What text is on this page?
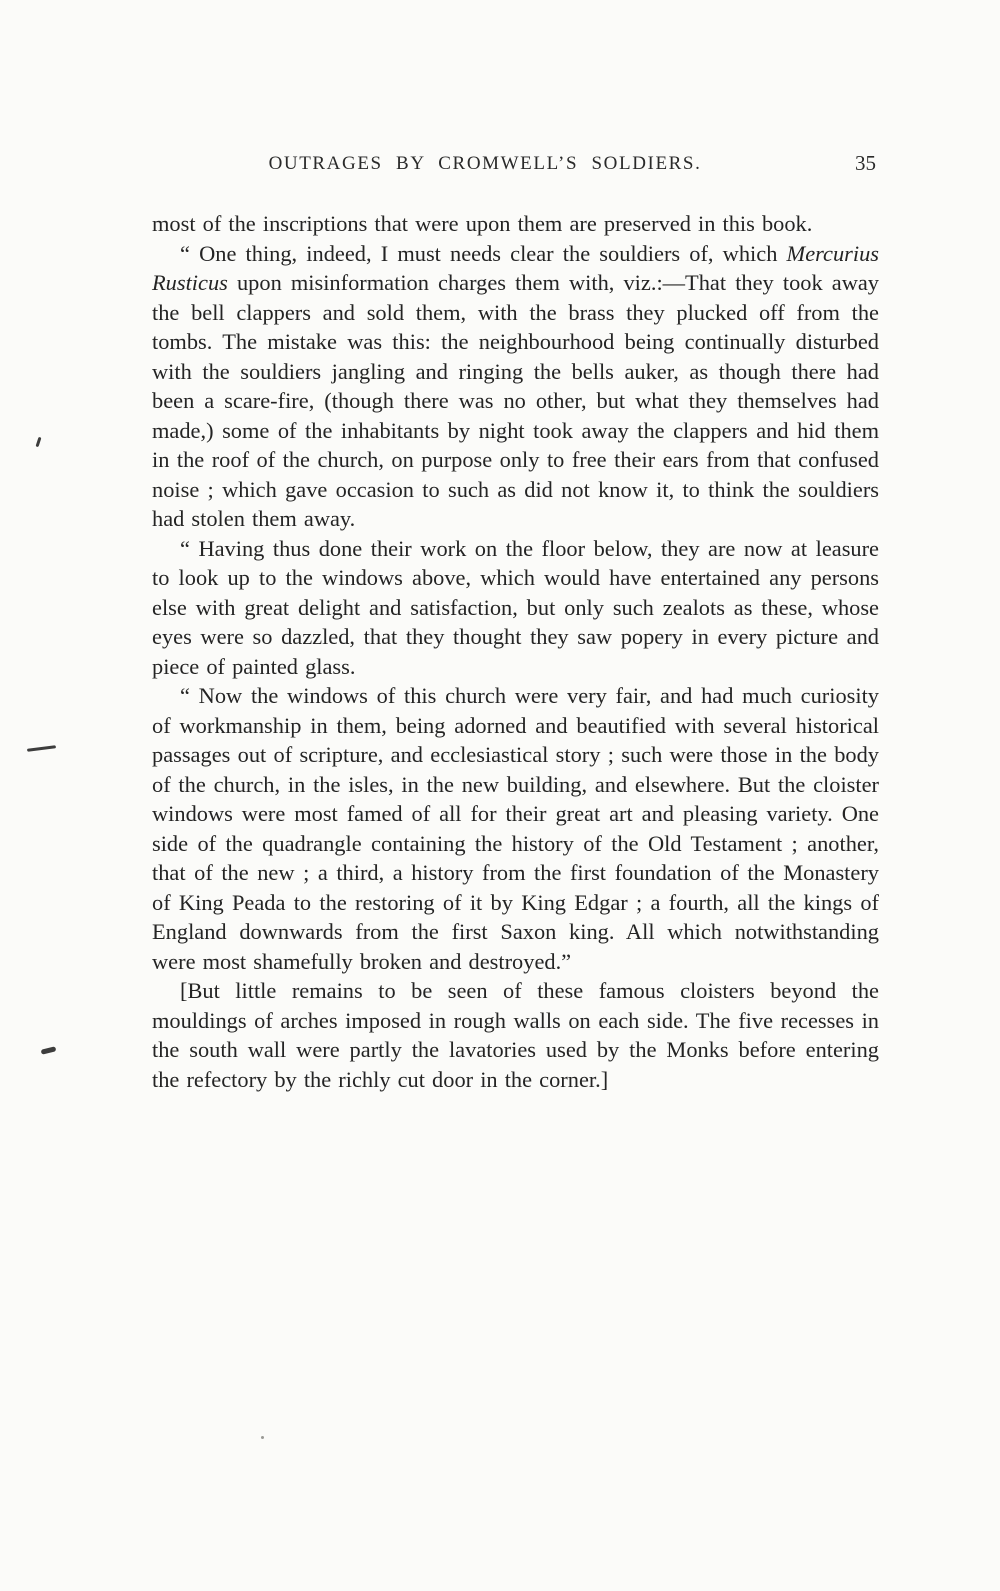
OUTRAGES BY CROMWELL’S SOLDIERS.	35

most of the inscriptions that were upon them are preserved in this book.

“ One thing, indeed, I must needs clear the souldiers of, which Mercurius Rusticus upon misinformation charges them with, viz.:—That they took away the bell clappers and sold them, with the brass they plucked off from the tombs. The mistake was this: the neighbourhood being continually disturbed with the souldiers jangling and ringing the bells auker, as though there had been a scare-fire, (though there was no other, but what they themselves had made,) some of the inhabitants by night took away the clappers and hid them in the roof of the church, on purpose only to free their ears from that confused noise ; which gave occasion to such as did not know it, to think the souldiers had stolen them away.

“ Having thus done their work on the floor below, they are now at leasure to look up to the windows above, which would have entertained any persons else with great delight and satisfaction, but only such zealots as these, whose eyes were so dazzled, that they thought they saw popery in every picture and piece of painted glass.

“ Now the windows of this church were very fair, and had much curiosity of workmanship in them, being adorned and beautified with several historical passages out of scripture, and ecclesiastical story ; such were those in the body of the church, in the isles, in the new building, and elsewhere. But the cloister windows were most famed of all for their great art and pleasing variety. One side of the quadrangle containing the history of the Old Testament ; another, that of the new ; a third, a history from the first foundation of the Monastery of King Peada to the restoring of it by King Edgar ; a fourth, all the kings of England downwards from the first Saxon king. All which notwithstanding were most shamefully broken and destroyed.”

[But little remains to be seen of these famous cloisters beyond the mouldings of arches imposed in rough walls on each side. The five recesses in the south wall were partly the lavatories used by the Monks before entering the refectory by the richly cut door in the corner.]
